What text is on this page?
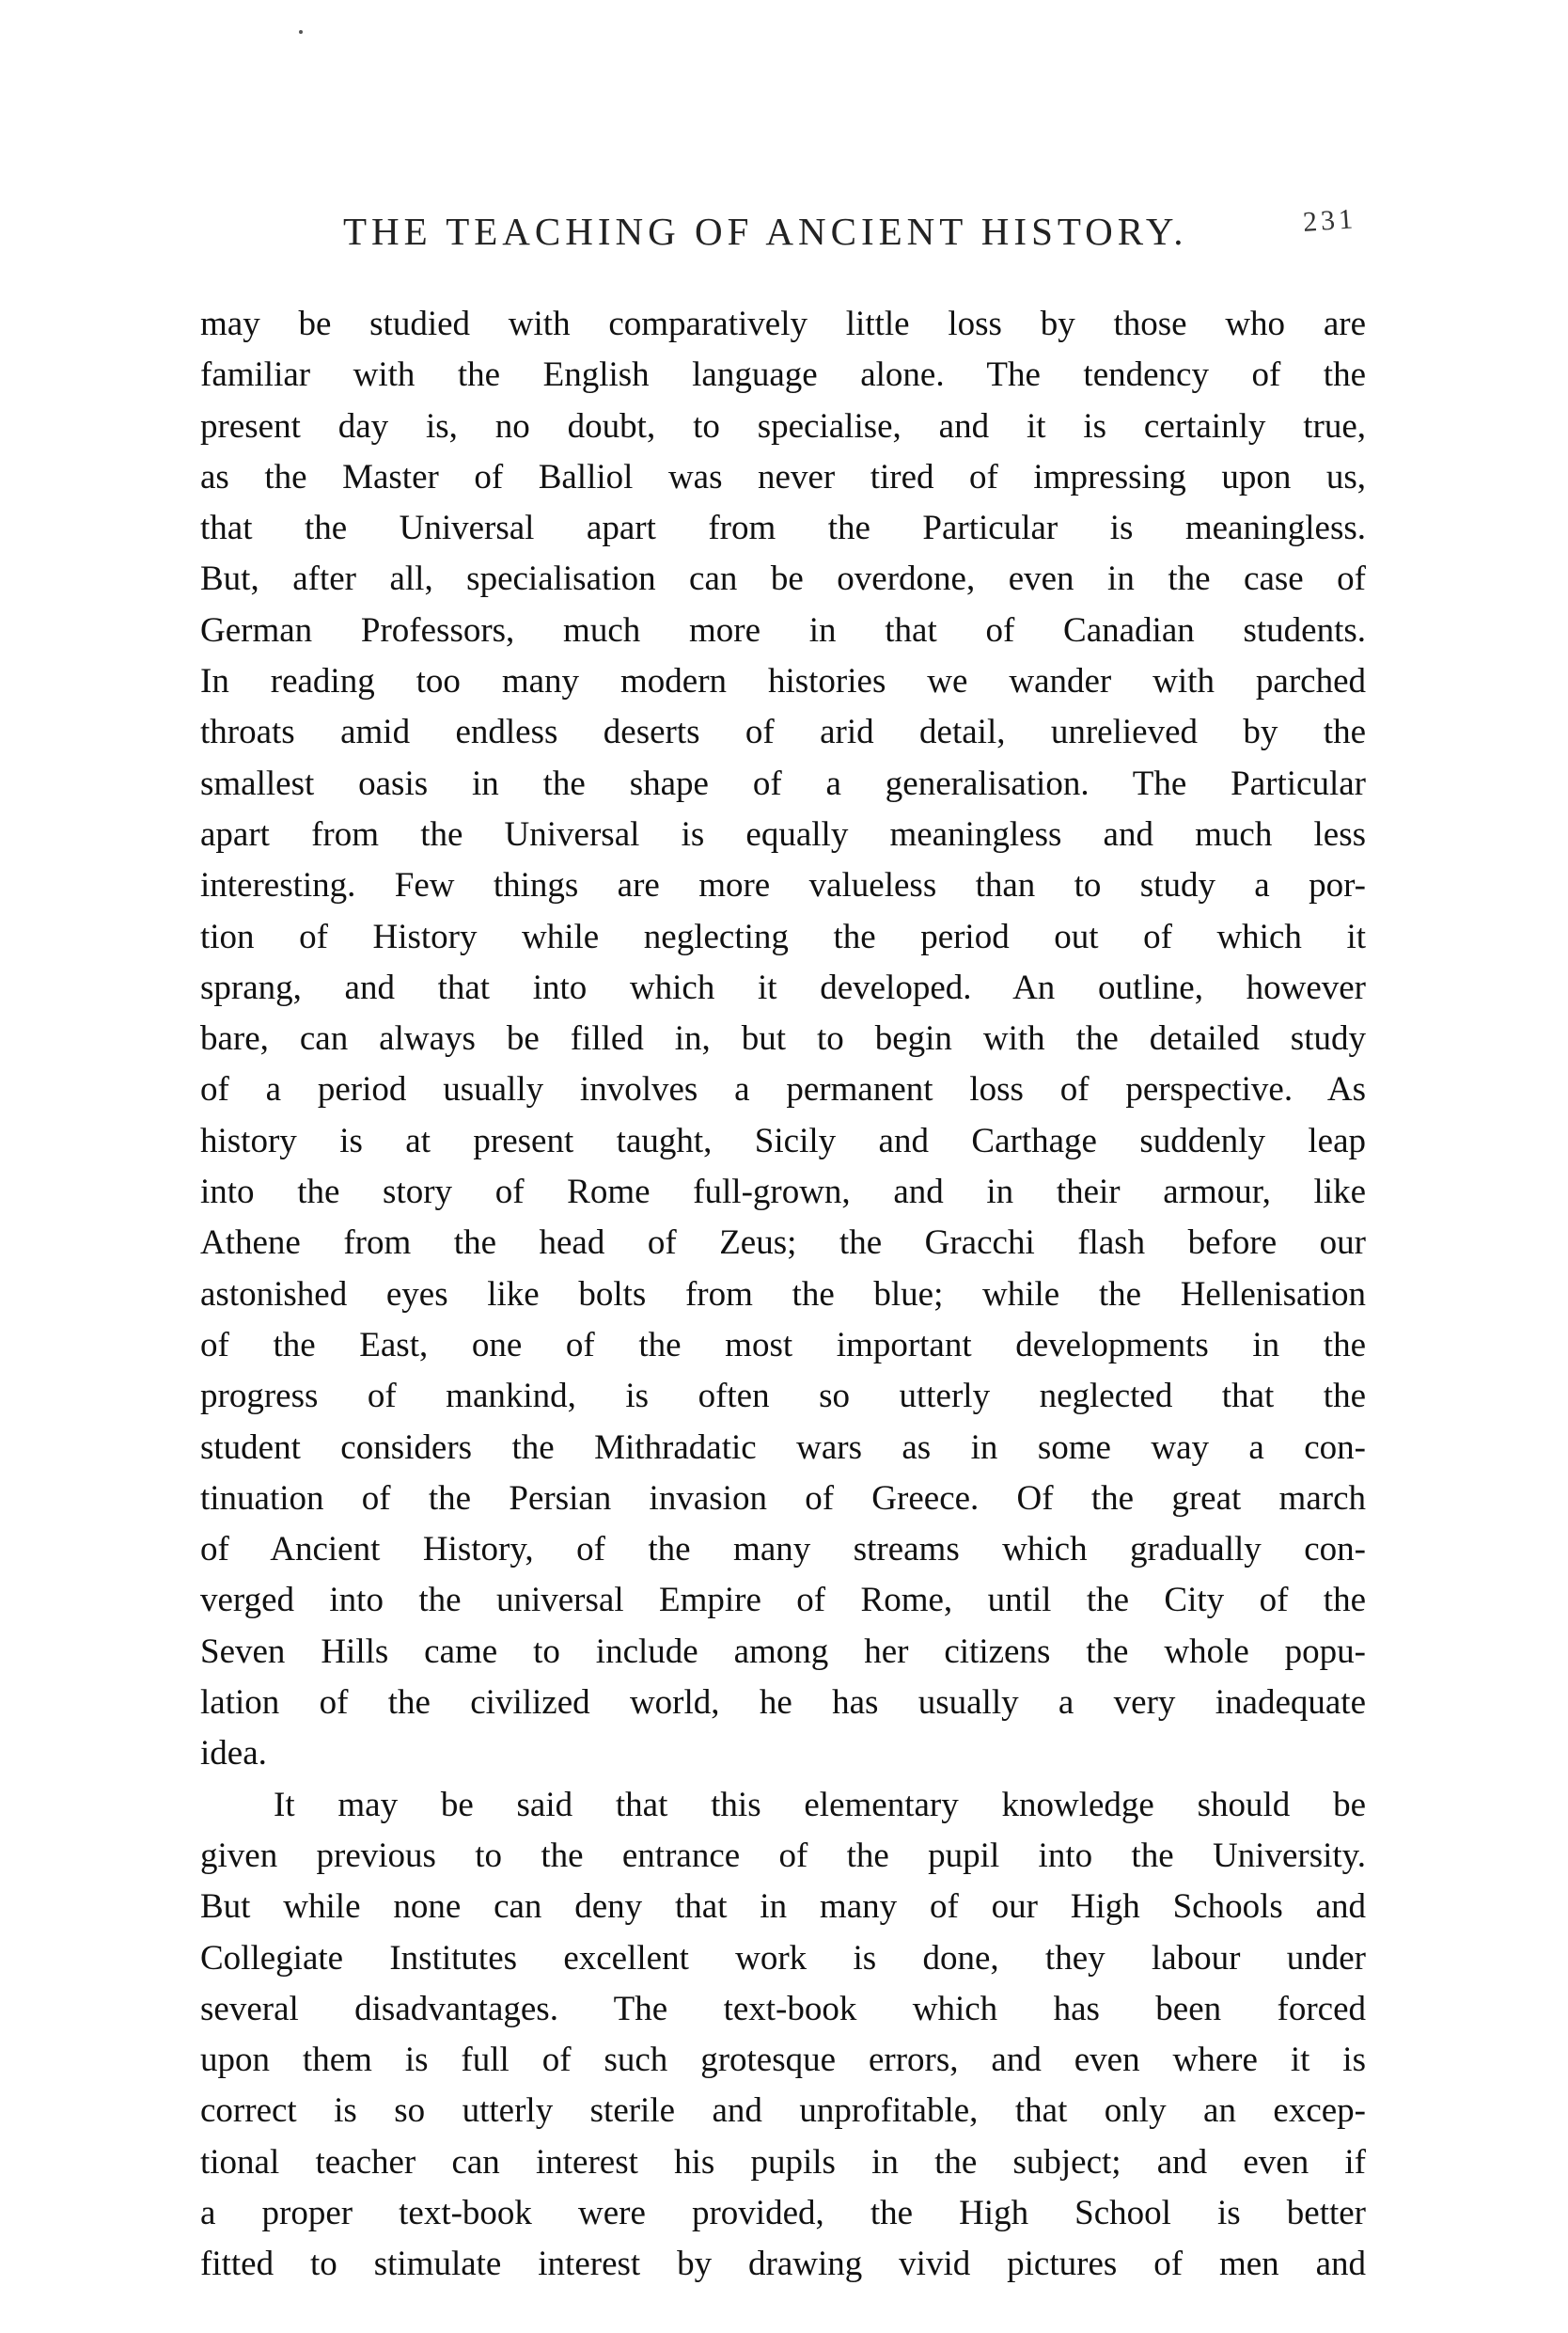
THE TEACHING OF ANCIENT HISTORY.	231
may be studied with comparatively little loss by those who are
familiar with the English language alone. The tendency of the
present day is, no doubt, to specialise, and it is certainly true,
as the Master of Balliol was never tired of impressing upon us,
that the Universal apart from the Particular is meaningless.
But, after all, specialisation can be overdone, even in the case of
German Professors, much more in that of Canadian students.
In reading too many modern histories we wander with parched
throats amid endless deserts of arid detail, unrelieved by the
smallest oasis in the shape of a generalisation. The Particular
apart from the Universal is equally meaningless and much less
interesting. Few things are more valueless than to study a por-
tion of History while neglecting the period out of which it
sprang, and that into which it developed. An outline, however
bare, can always be filled in, but to begin with the detailed study
of a period usually involves a permanent loss of perspective. As
history is at present taught, Sicily and Carthage suddenly leap
into the story of Rome full-grown, and in their armour, like
Athene from the head of Zeus; the Gracchi flash before our
astonished eyes like bolts from the blue; while the Hellenisation
of the East, one of the most important developments in the
progress of mankind, is often so utterly neglected that the
student considers the Mithradatic wars as in some way a con-
tinuation of the Persian invasion of Greece. Of the great march
of Ancient History, of the many streams which gradually con-
verged into the universal Empire of Rome, until the City of the
Seven Hills came to include among her citizens the whole popu-
lation of the civilized world, he has usually a very inadequate
idea.
It may be said that this elementary knowledge should be
given previous to the entrance of the pupil into the University.
But while none can deny that in many of our High Schools and
Collegiate Institutes excellent work is done, they labour under
several disadvantages. The text-book which has been forced
upon them is full of such grotesque errors, and even where it is
correct is so utterly sterile and unprofitable, that only an excep-
tional teacher can interest his pupils in the subject; and even if
a proper text-book were provided, the High School is better
fitted to stimulate interest by drawing vivid pictures of men and
